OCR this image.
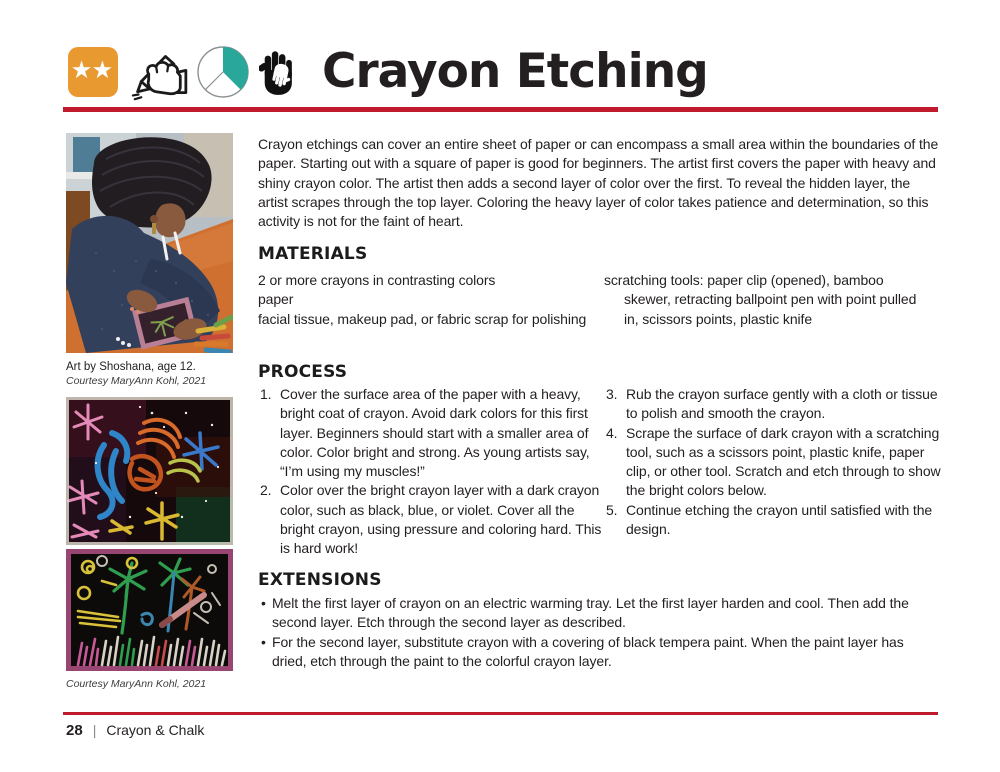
★★	Crayon Etching
Art by Shoshana, age 12.
Courtesy MaryAnn Kohl, 2021
Courtesy MaryAnn Kohl, 2021
Crayon etchings can cover an entire sheet of paper or can encompass a small area within the boundaries of the paper. Starting out with a square of paper is good for beginners. The artist first covers the paper with heavy and shiny crayon color. The artist then adds a second layer of color over the first. To reveal the hidden layer, the artist scrapes through the top layer. Coloring the heavy layer of color takes patience and determination, so this activity is not for the faint of heart.
MATERIALS
2 or more crayons in contrasting colors
paper
facial tissue, makeup pad, or fabric scrap for polishing
scratching tools: paper clip (opened), bamboo skewer, retracting ballpoint pen with point pulled in, scissors points, plastic knife
PROCESS
1. Cover the surface area of the paper with a heavy, bright coat of crayon. Avoid dark colors for this first layer. Beginners should start with a smaller area of color. Color bright and strong. As young artists say, “I’m using my muscles!”
2. Color over the bright crayon layer with a dark crayon color, such as black, blue, or violet. Cover all the bright crayon, using pressure and coloring hard. This is hard work!
3. Rub the crayon surface gently with a cloth or tissue to polish and smooth the crayon.
4. Scrape the surface of dark crayon with a scratching tool, such as a scissors point, plastic knife, paper clip, or other tool. Scratch and etch through to show the bright colors below.
5. Continue etching the crayon until satisfied with the design.
EXTENSIONS
• Melt the first layer of crayon on an electric warming tray. Let the first layer harden and cool. Then add the second layer. Etch through the second layer as described.
• For the second layer, substitute crayon with a covering of black tempera paint. When the paint layer has dried, etch through the paint to the colorful crayon layer.
28 | Crayon & Chalk
